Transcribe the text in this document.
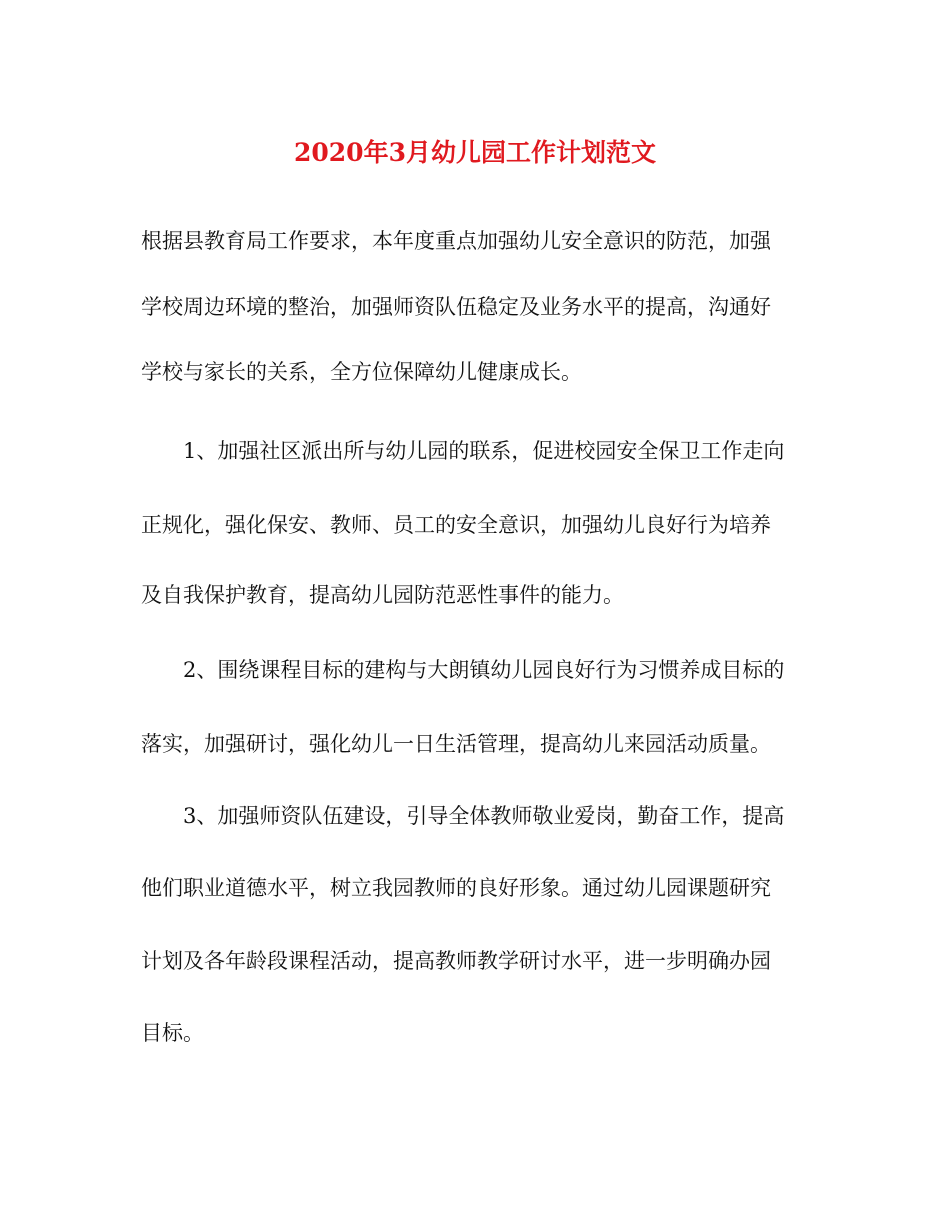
2020年3月幼儿园工作计划范文

根据县教育局工作要求，本年度重点加强幼儿安全意识的防范，加强

学校周边环境的整治，加强师资队伍稳定及业务水平的提高，沟通好

学校与家长的关系，全方位保障幼儿健康成长。

1、加强社区派出所与幼儿园的联系，促进校园安全保卫工作走向

正规化，强化保安、教师、员工的安全意识，加强幼儿良好行为培养

及自我保护教育，提高幼儿园防范恶性事件的能力。

2、围绕课程目标的建构与大朗镇幼儿园良好行为习惯养成目标的

落实，加强研讨，强化幼儿一日生活管理，提高幼儿来园活动质量。

3、加强师资队伍建设，引导全体教师敬业爱岗，勤奋工作，提高

他们职业道德水平，树立我园教师的良好形象。通过幼儿园课题研究

计划及各年龄段课程活动，提高教师教学研讨水平，进一步明确办园

目标。
